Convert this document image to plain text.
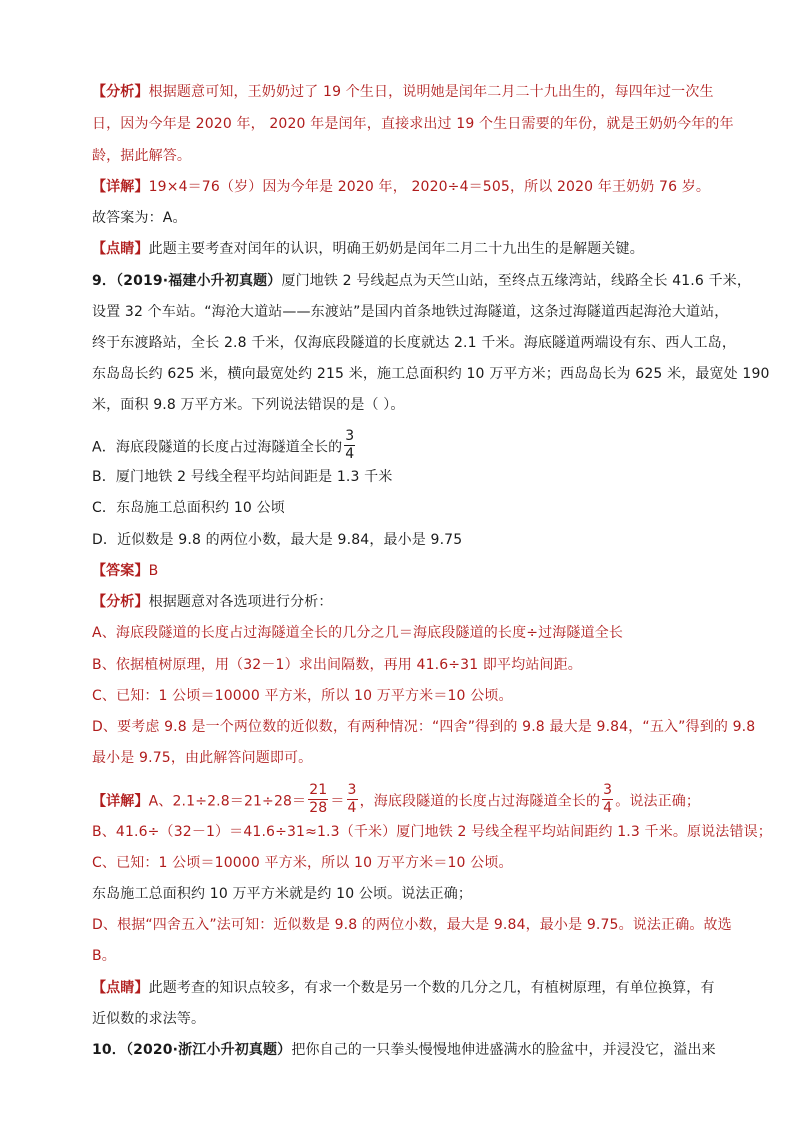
【分析】根据题意可知，王奶奶过了 19 个生日，说明她是闰年二月二十九出生的，每四年过一次生
日，因为今年是 2020 年， 2020 年是闰年，直接求出过 19 个生日需要的年份，就是王奶奶今年的年
龄，据此解答。
【详解】19×4＝76（岁）因为今年是 2020 年， 2020÷4＝505，所以 2020 年王奶奶 76 岁。
故答案为：A。
【点睛】此题主要考查对闰年的认识，明确王奶奶是闰年二月二十九出生的是解题关键。
9．（2019·福建小升初真题）厦门地铁 2 号线起点为天竺山站，至终点五缘湾站，线路全长 41.6 千米，
设置 32 个车站。“海沧大道站——东渡站”是国内首条地铁过海隧道，这条过海隧道西起海沧大道站，
终于东渡路站，全长 2.8 千米，仅海底段隧道的长度就达 2.1 千米。海底隧道两端设有东、西人工岛，
东岛岛长约 625 米，横向最宽处约 215 米，施工总面积约 10 万平方米；西岛岛长为 625 米，最宽处 190
米，面积 9.8 万平方米。下列说法错误的是（ ）。
A．海底段隧道的长度占过海隧道全长的 $\frac{3}{4}$
B．厦门地铁 2 号线全程平均站间距是 1.3 千米
C．东岛施工总面积约 10 公顷
D．近似数是 9.8 的两位小数，最大是 9.84，最小是 9.75
【答案】B
【分析】根据题意对各选项进行分析：
A、海底段隧道的长度占过海隧道全长的几分之几＝海底段隧道的长度÷过海隧道全长
B、依据植树原理，用（32－1）求出间隔数，再用 41.6÷31 即平均站间距。
C、已知：1 公顷＝10000 平方米，所以 10 万平方米＝10 公顷。
D、要考虑 9.8 是一个两位数的近似数，有两种情况：“四舍”得到的 9.8 最大是 9.84，“五入”得到的 9.8
最小是 9.75，由此解答问题即可。
【详解】A、$2.1\div 2.8=21\div 28= \frac{21}{28} = \frac{3}{4}$ ，海底段隧道的长度占过海隧道全长的 $\frac{3}{4}$ 。说法正确；
B、41.6÷（32－1）＝41.6÷31≈1.3（千米）厦门地铁 2 号线全程平均站间距约 1.3 千米。原说法错误；
C、已知：1 公顷＝10000 平方米，所以 10 万平方米＝10 公顷。
东岛施工总面积约 10 万平方米就是约 10 公顷。说法正确；
D、根据“四舍五入”法可知：近似数是 9.8 的两位小数，最大是 9.84，最小是 9.75。说法正确。故选
B。
【点睛】此题考查的知识点较多，有求一个数是另一个数的几分之几，有植树原理，有单位换算，有
近似数的求法等。
10．（2020·浙江小升初真题）把你自己的一只拳头慢慢地伸进盛满水的脸盆中，并浸没它，溢出来
